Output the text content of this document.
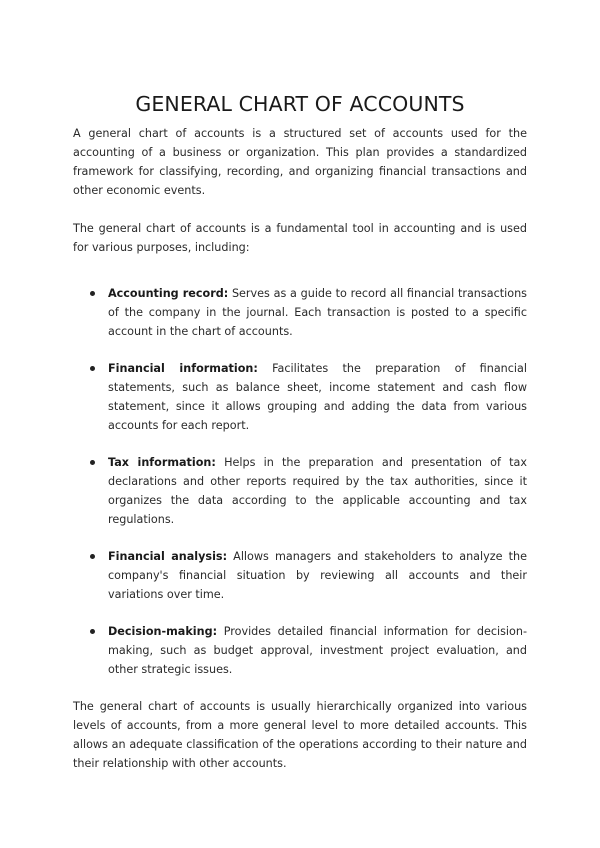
GENERAL CHART OF ACCOUNTS

A general chart of accounts is a structured set of accounts used for the accounting of a business or organization. This plan provides a standardized framework for classifying, recording, and organizing financial transactions and other economic events.

The general chart of accounts is a fundamental tool in accounting and is used for various purposes, including:

Accounting record: Serves as a guide to record all financial transactions of the company in the journal. Each transaction is posted to a specific account in the chart of accounts.
Financial information: Facilitates the preparation of financial statements, such as balance sheet, income statement and cash flow statement, since it allows grouping and adding the data from various accounts for each report.
Tax information: Helps in the preparation and presentation of tax declarations and other reports required by the tax authorities, since it organizes the data according to the applicable accounting and tax regulations.
Financial analysis: Allows managers and stakeholders to analyze the company's financial situation by reviewing all accounts and their variations over time.
Decision-making: Provides detailed financial information for decision-making, such as budget approval, investment project evaluation, and other strategic issues.

The general chart of accounts is usually hierarchically organized into various levels of accounts, from a more general level to more detailed accounts. This allows an adequate classification of the operations according to their nature and their relationship with other accounts.
